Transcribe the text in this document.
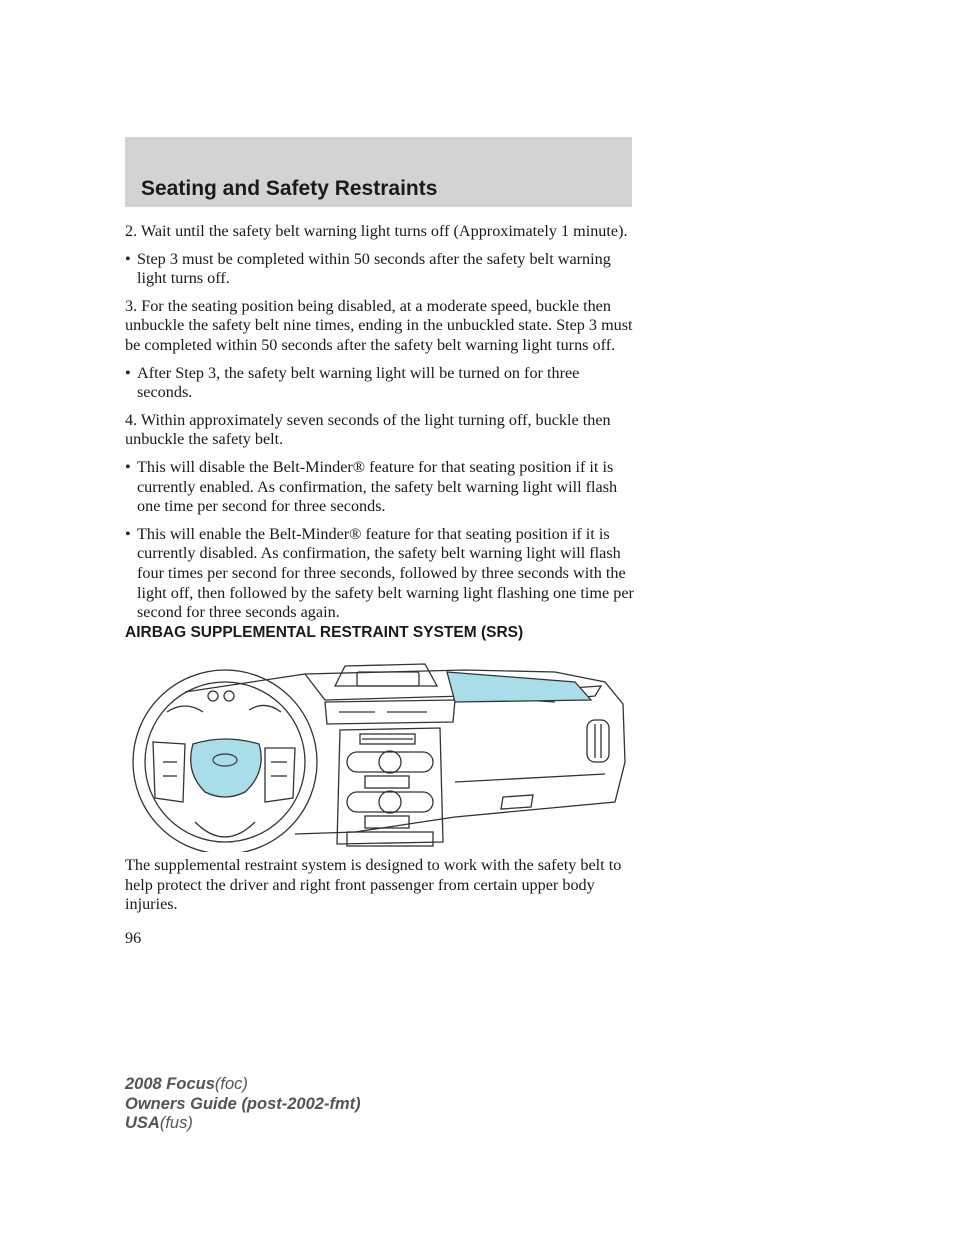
Seating and Safety Restraints

2. Wait until the safety belt warning light turns off (Approximately 1 minute).

• Step 3 must be completed within 50 seconds after the safety belt warning light turns off.

3. For the seating position being disabled, at a moderate speed, buckle then unbuckle the safety belt nine times, ending in the unbuckled state. Step 3 must be completed within 50 seconds after the safety belt warning light turns off.

• After Step 3, the safety belt warning light will be turned on for three seconds.

4. Within approximately seven seconds of the light turning off, buckle then unbuckle the safety belt.

• This will disable the Belt-Minder® feature for that seating position if it is currently enabled. As confirmation, the safety belt warning light will flash one time per second for three seconds.
• This will enable the Belt-Minder® feature for that seating position if it is currently disabled. As confirmation, the safety belt warning light will flash four times per second for three seconds, followed by three seconds with the light off, then followed by the safety belt warning light flashing one time per second for three seconds again.
AIRBAG SUPPLEMENTAL RESTRAINT SYSTEM (SRS)

The supplemental restraint system is designed to work with the safety belt to help protect the driver and right front passenger from certain upper body injuries.

96
2008 Focus(foc)
Owners Guide (post-2002-fmt)
USA(fus)
